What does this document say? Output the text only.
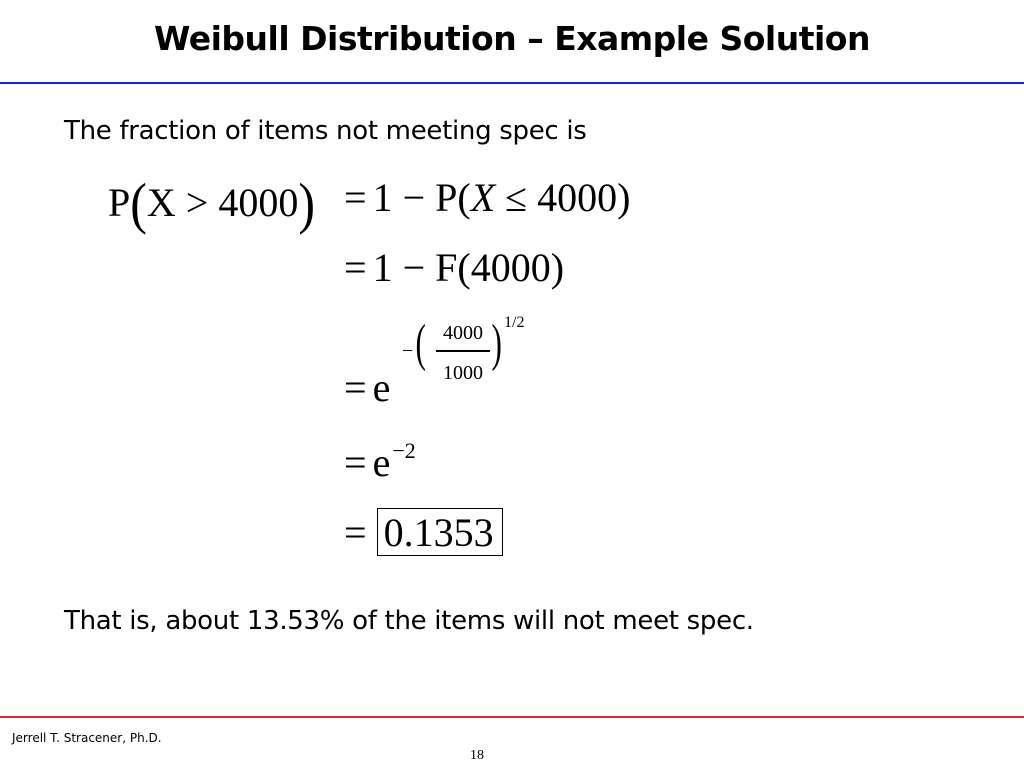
Weibull Distribution – Example Solution
The fraction of items not meeting spec is
P(X > 4000) = 1 − P(X ≤ 4000)
= 1 − F(4000)
− ( 4000
1000
) 1/2
= e
= $e^{-2}$
= 0.1353
That is, about 13.53% of the items will not meet spec.
Jerrell T. Stracener, Ph.D.
18
